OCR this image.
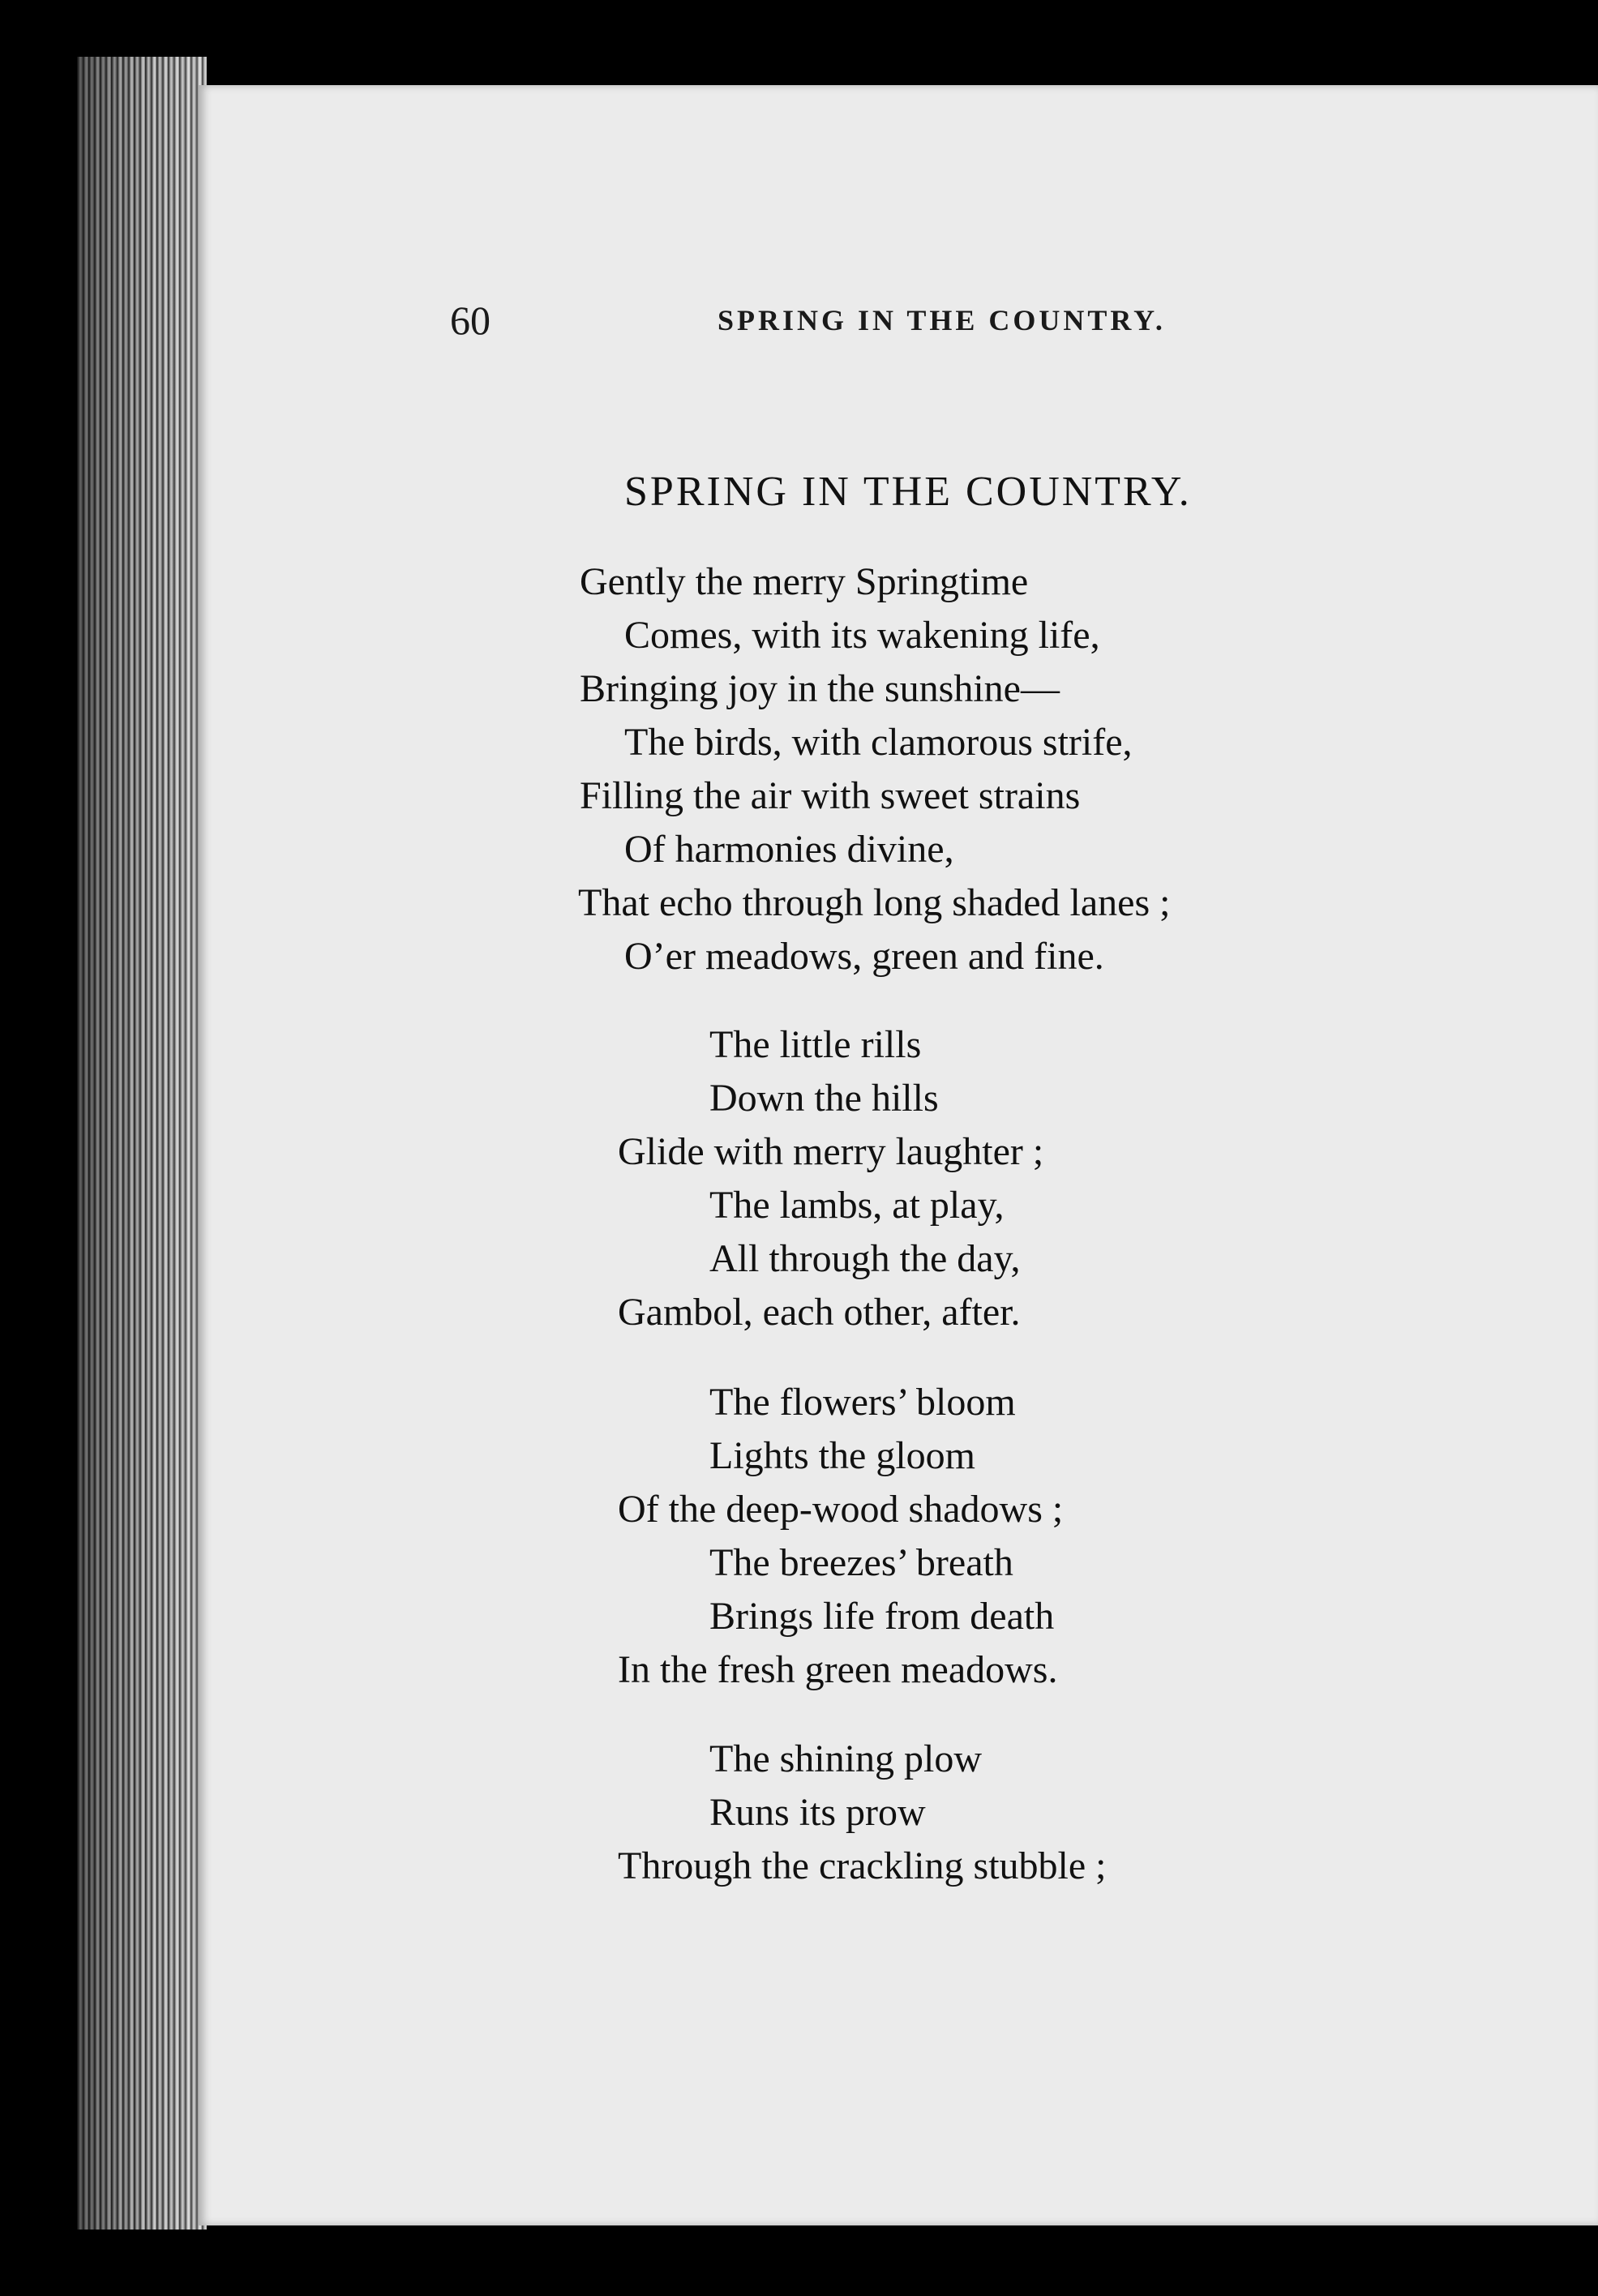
60	SPRING IN THE COUNTRY.
SPRING IN THE COUNTRY.
Gently the merry Springtime
Comes, with its wakening life,
Bringing joy in the sunshine—
The birds, with clamorous strife,
Filling the air with sweet strains
Of harmonies divine,
That echo through long shaded lanes ;
O’er meadows, green and fine.
The little rills
Down the hills
Glide with merry laughter ;
The lambs, at play,
All through the day,
Gambol, each other, after.
The flowers’ bloom
Lights the gloom
Of the deep-wood shadows ;
The breezes’ breath
Brings life from death
In the fresh green meadows.
The shining plow
Runs its prow
Through the crackling stubble ;
